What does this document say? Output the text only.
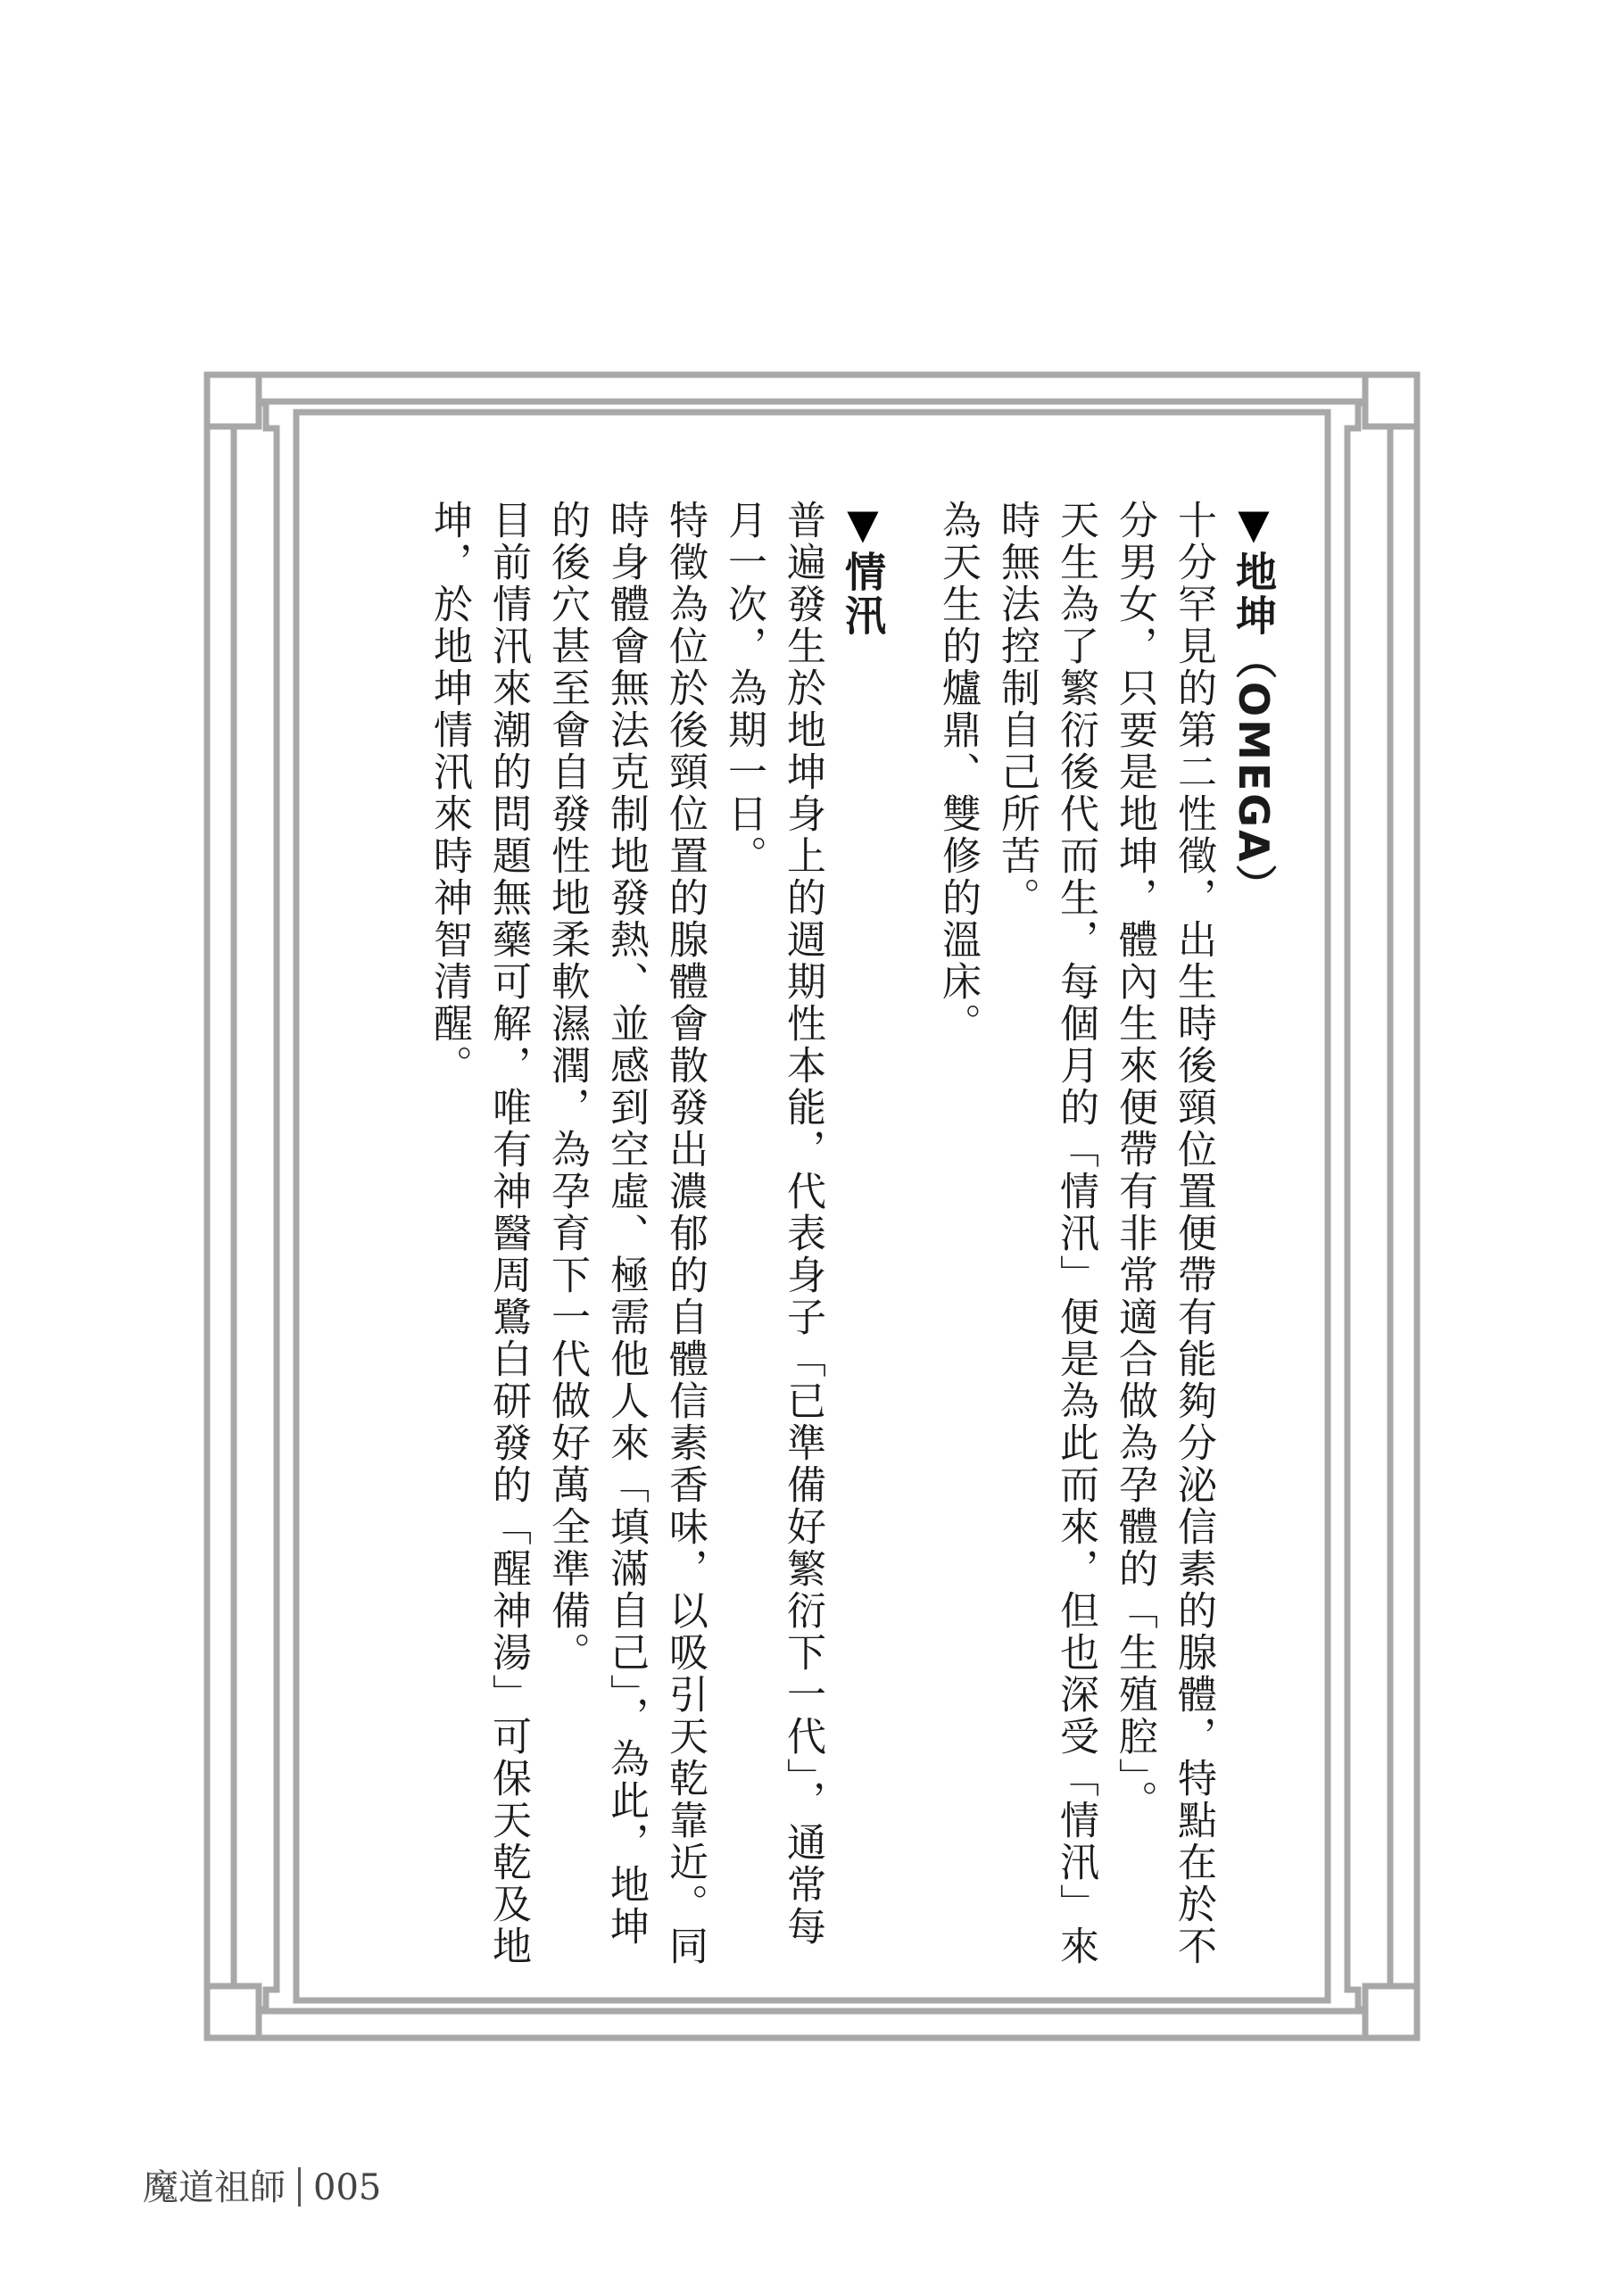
▼地坤（OMEGA）

十分罕見的第二性徵，出生時後頸位置便帶有能夠分泌信素的腺體，特點在於不分男女，只要是地坤，體內生來便帶有非常適合做為孕體的「生殖腔」。

天生為了繁衍後代而生，每個月的「情汛」便是為此而來，但也深受「情汛」來時無法控制自己所苦。

為天生的爐鼎、雙修的溫床。

▼情汛

普遍發生於地坤身上的週期性本能，代表身子「已準備好繁衍下一代」，通常每月一次，為期一日。

特徵為位於後頸位置的腺體會散發出濃郁的自體信素香味，以吸引天乾靠近。同時身體會無法克制地發熱、並感到空虛、極需他人來「填滿自己」，為此，地坤的後穴甚至會自發性地柔軟濕潤，為孕育下一代做好萬全準備。

目前情汛來潮的問題無藥可解，唯有神醫周鷺白研發的「醒神湯」可保天乾及地坤，於地坤情汛來時神智清醒。

魔道祖師 005
